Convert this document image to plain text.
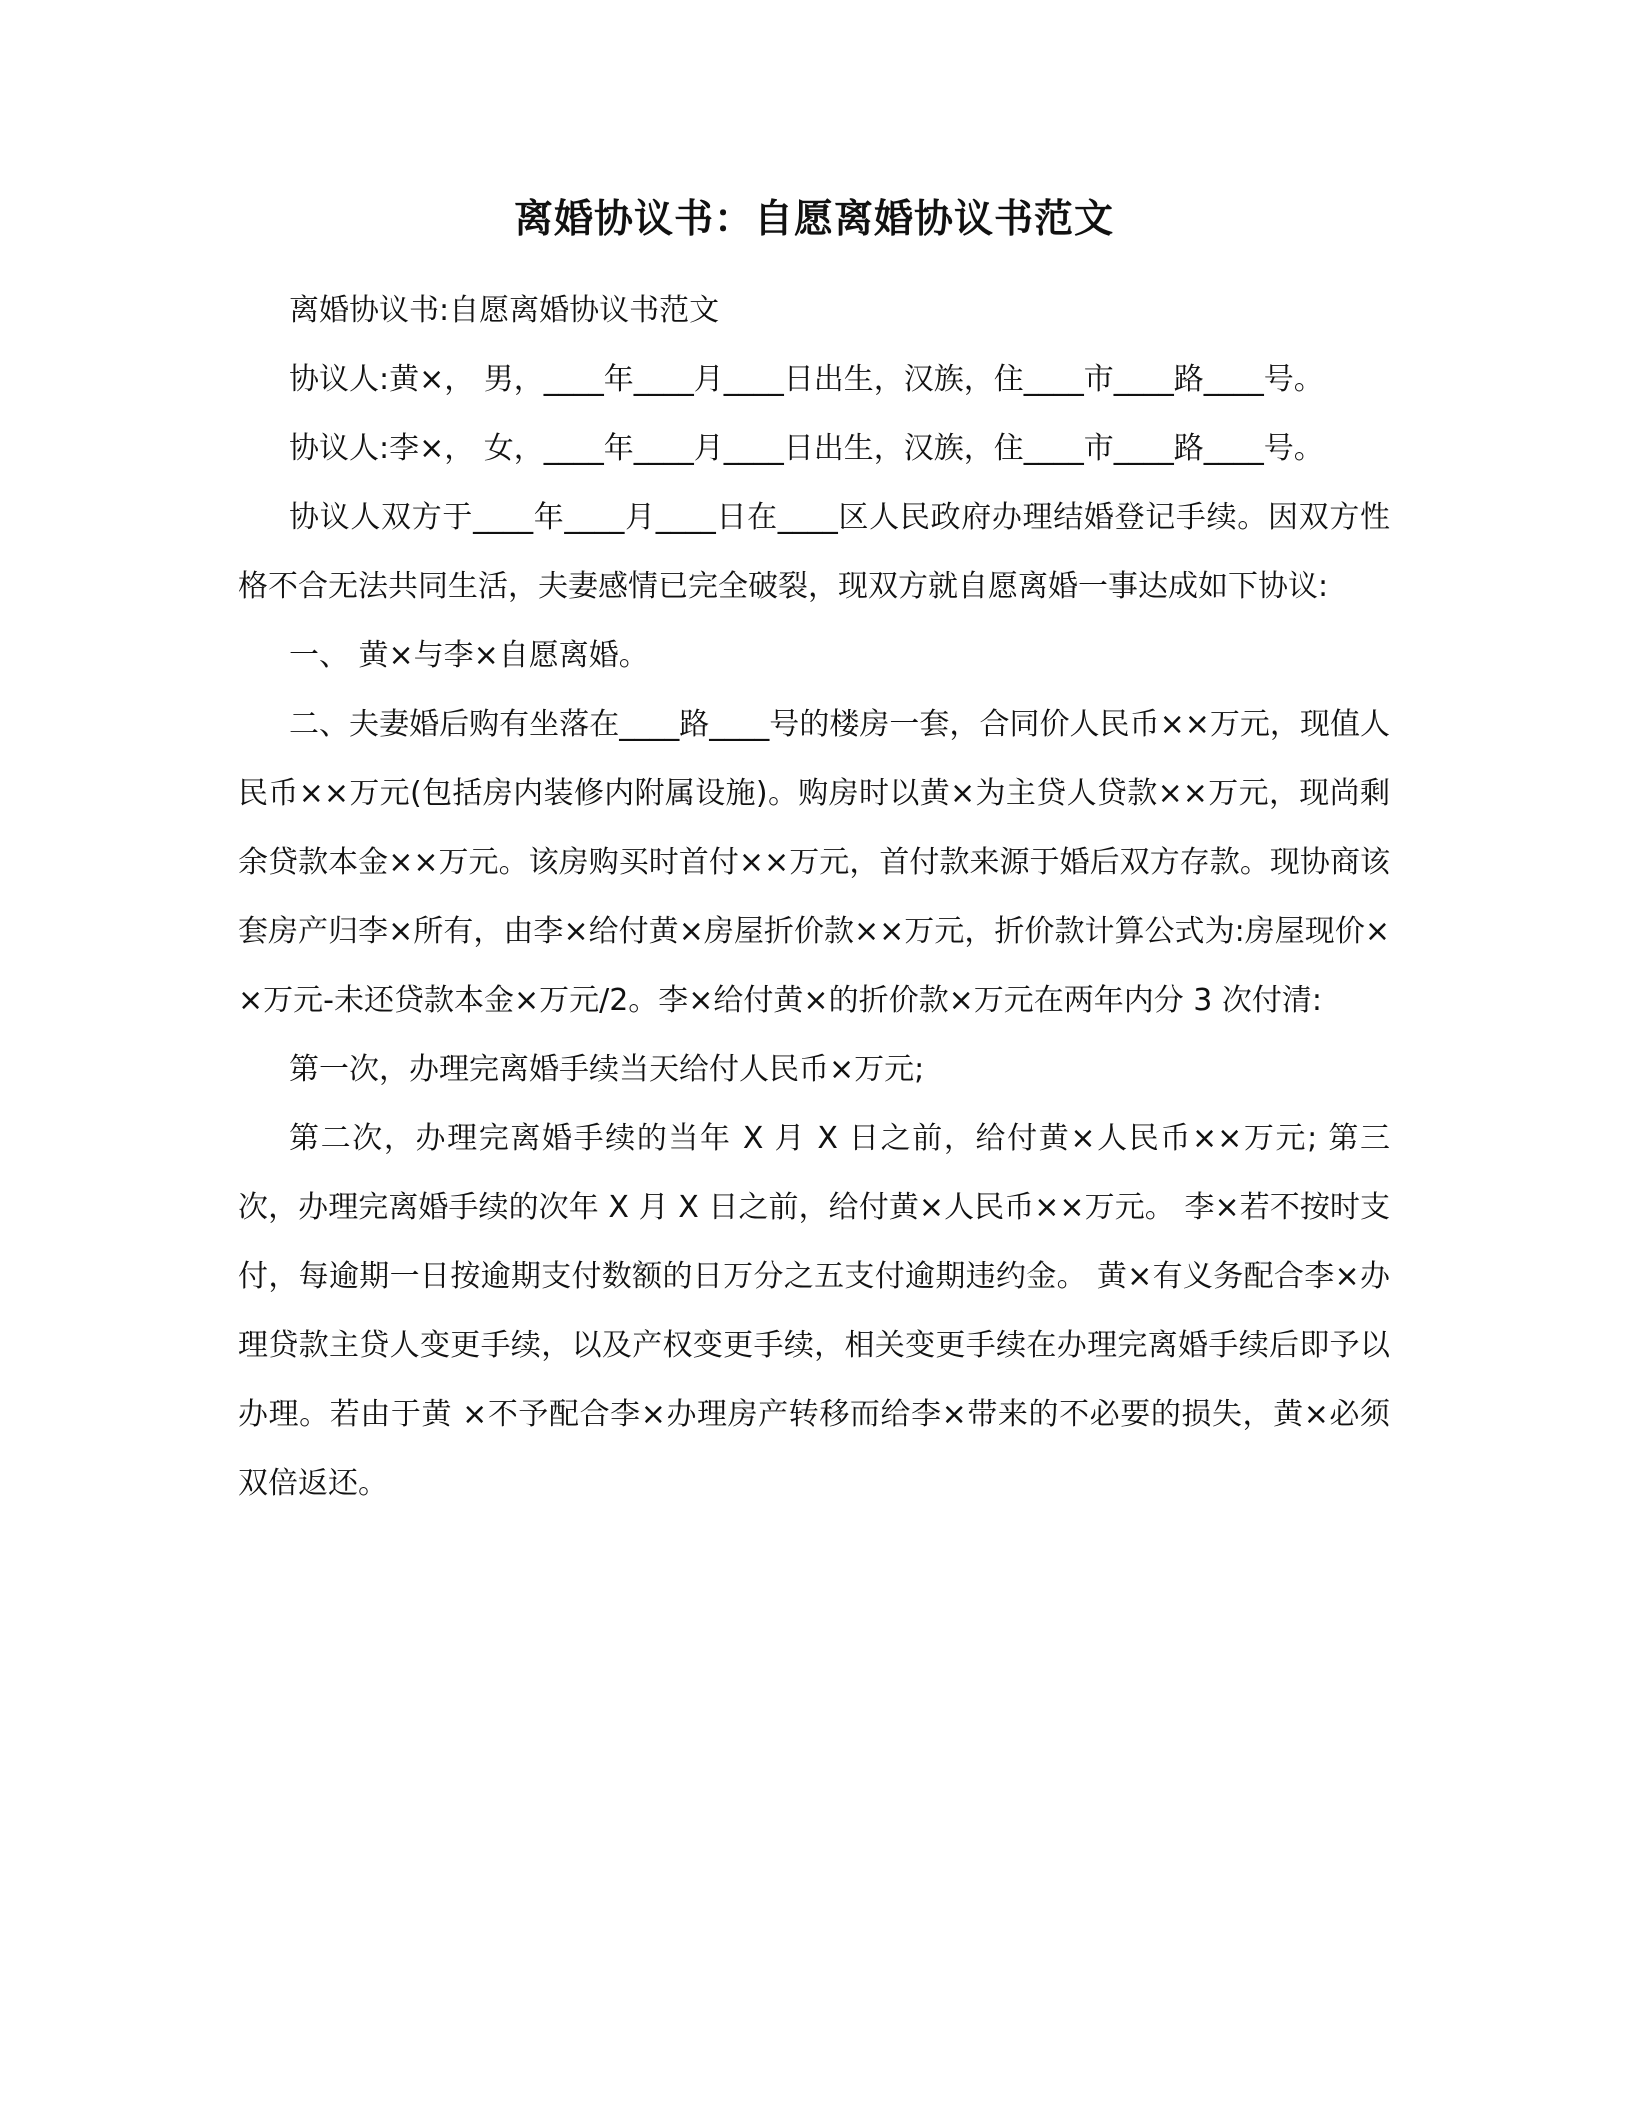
离婚协议书：自愿离婚协议书范文

离婚协议书:自愿离婚协议书范文

协议人:黄×， 男，____年____月____日出生，汉族，住____市____路____号。

协议人:李×， 女，____年____月____日出生，汉族，住____市____路____号。

协议人双方于____年____月____日在____区人民政府办理结婚登记手续。因双方性格不合无法共同生活，夫妻感情已完全破裂，现双方就自愿离婚一事达成如下协议:

一、 黄×与李×自愿离婚。

二、夫妻婚后购有坐落在____路____号的楼房一套，合同价人民币××万元，现值人民币××万元(包括房内装修内附属设施)。购房时以黄×为主贷人贷款××万元，现尚剩余贷款本金××万元。该房购买时首付××万元，首付款来源于婚后双方存款。现协商该套房产归李×所有，由李×给付黄×房屋折价款××万元，折价款计算公式为:房屋现价××万元-未还贷款本金×万元/2。李×给付黄×的折价款×万元在两年内分 3 次付清:

第一次，办理完离婚手续当天给付人民币×万元;

第二次，办理完离婚手续的当年 X 月 X 日之前，给付黄×人民币××万元; 第三次，办理完离婚手续的次年 X 月 X 日之前，给付黄×人民币××万元。 李×若不按时支付，每逾期一日按逾期支付数额的日万分之五支付逾期违约金。 黄×有义务配合李×办理贷款主贷人变更手续，以及产权变更手续，相关变更手续在办理完离婚手续后即予以办理。若由于黄 ×不予配合李×办理房产转移而给李×带来的不必要的损失，黄×必须双倍返还。
